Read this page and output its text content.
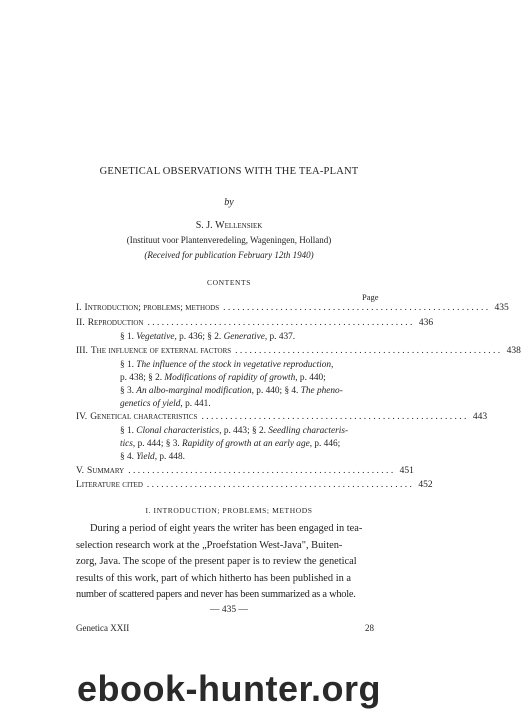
GENETICAL OBSERVATIONS WITH THE TEA-PLANT
by
S. J. Wellensiek
(Instituut voor Plantenveredeling, Wageningen, Holland)
(Received for publication February 12th 1940)
CONTENTS
Page
I. Introduction; problems; methods ........................................................ 435
II. Reproduction ........................................................ 436
§ 1. Vegetative, p. 436; § 2. Generative, p. 437.
III. The influence of external factors ........................................................ 438
§ 1. The influence of the stock in vegetative reproduction,
p. 438; § 2. Modifications of rapidity of growth, p. 440;
§ 3. An albo-marginal modification, p. 440; § 4. The pheno-
genetics of yield, p. 441.
IV. Genetical characteristics ........................................................ 443
§ 1. Clonal characteristics, p. 443; § 2. Seedling characteris-
tics, p. 444; § 3. Rapidity of growth at an early age, p. 446;
§ 4. Yield, p. 448.
V. Summary ........................................................ 451
Literature cited ........................................................ 452
I. INTRODUCTION; PROBLEMS; METHODS
During a period of eight years the writer has been engaged in tea-
selection research work at the „Proefstation West-Java", Buiten-
zorg, Java. The scope of the present paper is to review the genetical
results of this work, part of which hitherto has been published in a
number of scattered papers and never has been summarized as a whole.
— 435 —
Genetica XXII	28
ebook-hunter.org
